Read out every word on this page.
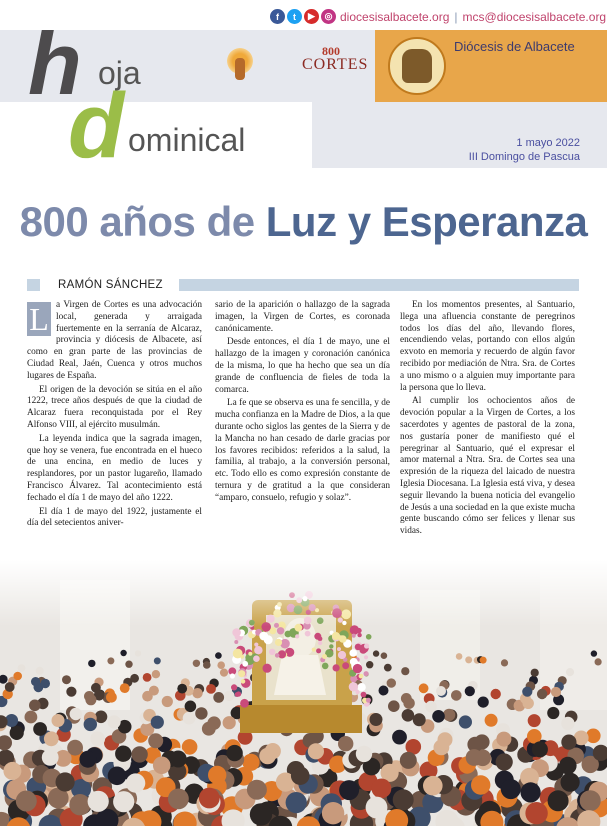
f	t	▶	◎ diocesisalbacete.org | mcs@diocesisalbacete.org
Diócesis de Albacete
h oja
d ominical
800
CORTES
1 mayo 2022
III Domingo de Pascua
800 años de Luz y Esperanza
RAMÓN SÁNCHEZ

L a Virgen de Cortes es una advocación local, generada y arraigada fuertemente en la serranía de Alcaraz, provincia y diócesis de Albacete, así como en gran parte de las provincias de Ciudad Real, Jaén, Cuenca y otros muchos lugares de España.

El origen de la devoción se sitúa en el año 1222, trece años después de que la ciudad de Alcaraz fuera reconquistada por el Rey Alfonso VIII, al ejército musulmán.

La leyenda indica que la sagrada imagen, que hoy se venera, fue encontrada en el hueco de una encina, en medio de luces y resplandores, por un pastor lugareño, llamado Francisco Álvarez. Tal acontecimiento está fechado el día 1 de mayo del año 1222.

El día 1 de mayo del 1922, justamente el día del setecientos aniver-

sario de la aparición o hallazgo de la sagrada imagen, la Virgen de Cortes, es coronada canónicamente.

Desde entonces, el día 1 de mayo, une el hallazgo de la imagen y coronación canónica de la misma, lo que ha hecho que sea un día grande de confluencia de fieles de toda la comarca.

La fe que se observa es una fe sencilla, y de mucha confianza en la Madre de Dios, a la que durante ocho siglos las gentes de la Sierra y de la Mancha no han cesado de darle gracias por los favores recibidos: referidos a la salud, la familia, al trabajo, a la conversión personal, etc. Todo ello es como expresión constante de ternura y de gratitud a la que consideran “amparo, consuelo, refugio y solaz”.

En los momentos presentes, al Santuario, llega una afluencia constante de peregrinos todos los días del año, llevando flores, encendiendo velas, portando con ellos algún exvoto en memoria y recuerdo de algún favor recibido por mediación de Ntra. Sra. de Cortes a uno mismo o a alguien muy importante para la persona que lo lleva.

Al cumplir los ochocientos años de devoción popular a la Virgen de Cortes, a los sacerdotes y agentes de pastoral de la zona, nos gustaría poner de manifiesto qué el peregrinar al Santuario, qué el expresar el amor maternal a Ntra. Sra. de Cortes sea una expresión de la riqueza del laicado de nuestra Iglesia Diocesana. La Iglesia está viva, y desea seguir llevando la buena noticia del evangelio de Jesús a una sociedad en la que existe mucha gente buscando cómo ser felices y llenar sus vidas.
